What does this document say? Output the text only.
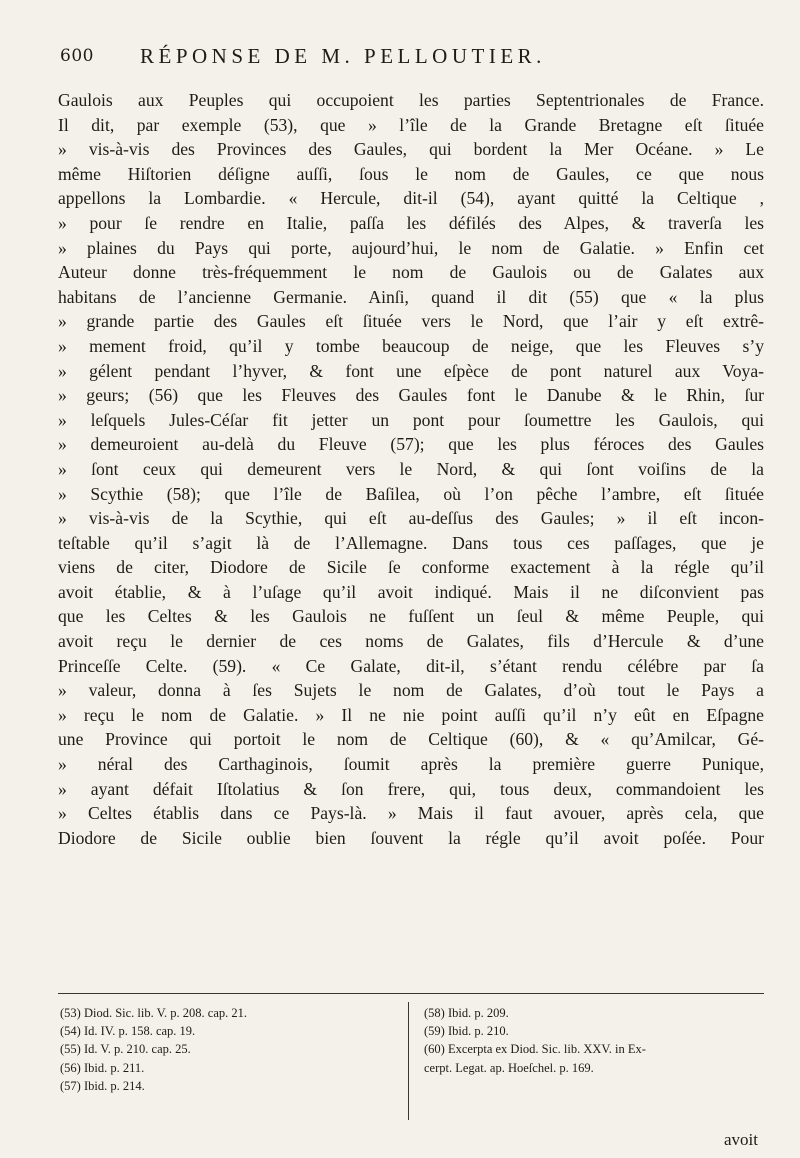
600 RÉPONSE DE M. PELLOUTIER.
Gaulois aux Peuples qui occupoient les parties Septentrionales de France.
Il dit, par exemple (53), que » l’île de la Grande Bretagne eſt ſituée
» vis-à-vis des Provinces des Gaules, qui bordent la Mer Océane. » Le
même Hiſtorien déſigne auſſi, ſous le nom de Gaules, ce que nous
appellons la Lombardie. « Hercule, dit-il (54), ayant quitté la Celtique ,
» pour ſe rendre en Italie, paſſa les défilés des Alpes, & traverſa les
» plaines du Pays qui porte, aujourd’hui, le nom de Galatie. » Enfin cet
Auteur donne très-fréquemment le nom de Gaulois ou de Galates aux
habitans de l’ancienne Germanie. Ainſi, quand il dit (55) que « la plus
» grande partie des Gaules eſt ſituée vers le Nord, que l’air y eſt extrê-
» mement froid, qu’il y tombe beaucoup de neige, que les Fleuves s’y
» gélent pendant l’hyver, & font une eſpèce de pont naturel aux Voya-
» geurs; (56) que les Fleuves des Gaules font le Danube & le Rhin, ſur
» leſquels Jules-Céſar fit jetter un pont pour ſoumettre les Gaulois, qui
» demeuroient au-delà du Fleuve (57); que les plus féroces des Gaules
» ſont ceux qui demeurent vers le Nord, & qui ſont voiſins de la
» Scythie (58); que l’île de Baſilea, où l’on pêche l’ambre, eſt ſituée
» vis-à-vis de la Scythie, qui eſt au-deſſus des Gaules; » il eſt incon-
teſtable qu’il s’agit là de l’Allemagne. Dans tous ces paſſages, que je
viens de citer, Diodore de Sicile ſe conforme exactement à la régle qu’il
avoit établie, & à l’uſage qu’il avoit indiqué. Mais il ne diſconvient pas
que les Celtes & les Gaulois ne fuſſent un ſeul & même Peuple, qui
avoit reçu le dernier de ces noms de Galates, fils d’Hercule & d’une
Princeſſe Celte. (59). « Ce Galate, dit-il, s’étant rendu célébre par ſa
» valeur, donna à ſes Sujets le nom de Galates, d’où tout le Pays a
» reçu le nom de Galatie. » Il ne nie point auſſi qu’il n’y eût en Eſpagne
une Province qui portoit le nom de Celtique (60), & « qu’Amilcar, Gé-
» néral des Carthaginois, ſoumit après la première guerre Punique,
» ayant défait Iſtolatius & ſon frere, qui, tous deux, commandoient les
» Celtes établis dans ce Pays-là. » Mais il faut avouer, après cela, que
Diodore de Sicile oublie bien ſouvent la régle qu’il avoit poſée. Pour
(53) Diod. Sic. lib. V. p. 208. cap. 21.
(54) Id. IV. p. 158. cap. 19.
(55) Id. V. p. 210. cap. 25.
(56) Ibid. p. 211.
(57) Ibid. p. 214.
(58) Ibid. p. 209.
(59) Ibid. p. 210.
(60) Excerpta ex Diod. Sic. lib. XXV. in Ex-
cerpt. Legat. ap. Hoeſchel. p. 169.
avoit
